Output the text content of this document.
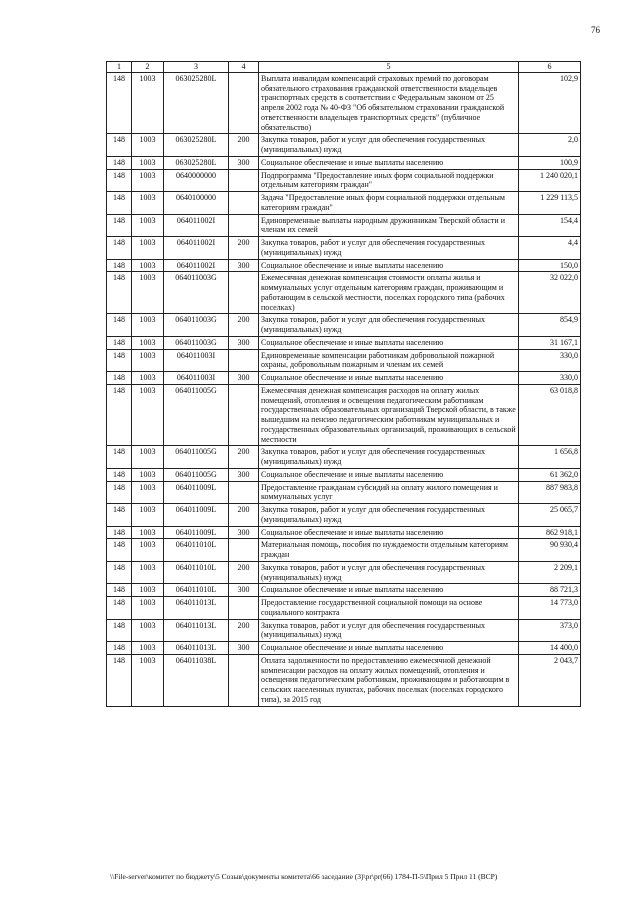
76
1	2	3	4	5	6
148	1003	063025280L		Выплата инвалидам компенсаций страховых премий по договорам обязательного страхования гражданской ответственности владельцев транспортных средств в соответствии с Федеральным законом от 25 апреля 2002 года № 40-ФЗ "Об обязательном страховании гражданской ответственности владельцев транспортных средств" (публичное обязательство)	102,9
148	1003	063025280L	200	Закупка товаров, работ и услуг для обеспечения государственных (муниципальных) нужд	2,0
148	1003	063025280L	300	Социальное обеспечение и иные выплаты населению	100,9
148	1003	0640000000		Подпрограмма "Предоставление иных форм социальной поддержки отдельным категориям граждан"	1 240 020,1
148	1003	0640100000		Задача "Предоставление иных форм социальной поддержки отдельным категориям граждан"	1 229 113,5
148	1003	064011002I		Единовременные выплаты народным дружинникам Тверской области и членам их семей	154,4
148	1003	064011002I	200	Закупка товаров, работ и услуг для обеспечения государственных (муниципальных) нужд	4,4
148	1003	064011002I	300	Социальное обеспечение и иные выплаты населению	150,0
148	1003	064011003G		Ежемесячная денежная компенсация стоимости оплаты жилья и коммунальных услуг отдельным категориям граждан, проживающим и работающим в сельской местности, поселках городского типа (рабочих поселках)	32 022,0
148	1003	064011003G	200	Закупка товаров, работ и услуг для обеспечения государственных (муниципальных) нужд	854,9
148	1003	064011003G	300	Социальное обеспечение и иные выплаты населению	31 167,1
148	1003	064011003I		Единовременные компенсации работникам добровольной пожарной охраны, добровольным пожарным и членам их семей	330,0
148	1003	064011003I	300	Социальное обеспечение и иные выплаты населению	330,0
148	1003	064011005G		Ежемесячная денежная компенсация расходов на оплату жилых помещений, отопления и освещения педагогическим работникам государственных образовательных организаций Тверской области, в также вышедшим на пенсию педагогическим работникам муниципальных и государственных образовательных организаций, проживающих в сельской местности	63 018,8
148	1003	064011005G	200	Закупка товаров, работ и услуг для обеспечения государственных (муниципальных) нужд	1 656,8
148	1003	064011005G	300	Социальное обеспечение и иные выплаты населению	61 362,0
148	1003	064011009L		Предоставление гражданам субсидий на оплату жилого помещения и коммунальных услуг	887 983,8
148	1003	064011009L	200	Закупка товаров, работ и услуг для обеспечения государственных (муниципальных) нужд	25 065,7
148	1003	064011009L	300	Социальное обеспечение и иные выплаты населению	862 918,1
148	1003	064011010L		Материальная помощь, пособия по нуждаемости отдельным категориям граждан	90 930,4
148	1003	064011010L	200	Закупка товаров, работ и услуг для обеспечения государственных (муниципальных) нужд	2 209,1
148	1003	064011010L	300	Социальное обеспечение и иные выплаты населению	88 721,3
148	1003	064011013L		Предоставление государственной социальной помощи на основе социального контракта	14 773,0
148	1003	064011013L	200	Закупка товаров, работ и услуг для обеспечения государственных (муниципальных) нужд	373,0
148	1003	064011013L	300	Социальное обеспечение и иные выплаты населению	14 400,0
148	1003	064011038L		Оплата задолженности по предоставлению ежемесячной денежной компенсации расходов на оплату жилых помещений, отопления и освещения педагогическим работникам, проживающим и работающим в сельских населенных пунктах, рабочих поселках (поселках городского типа), за 2015 год	2 043,7
\\File-server\комитет по бюджету\5 Созыв\документы комитета\66 заседание (3)\pr\pr(66) 1784-П-5\Прил 5 Прил 11 (ВСР)
